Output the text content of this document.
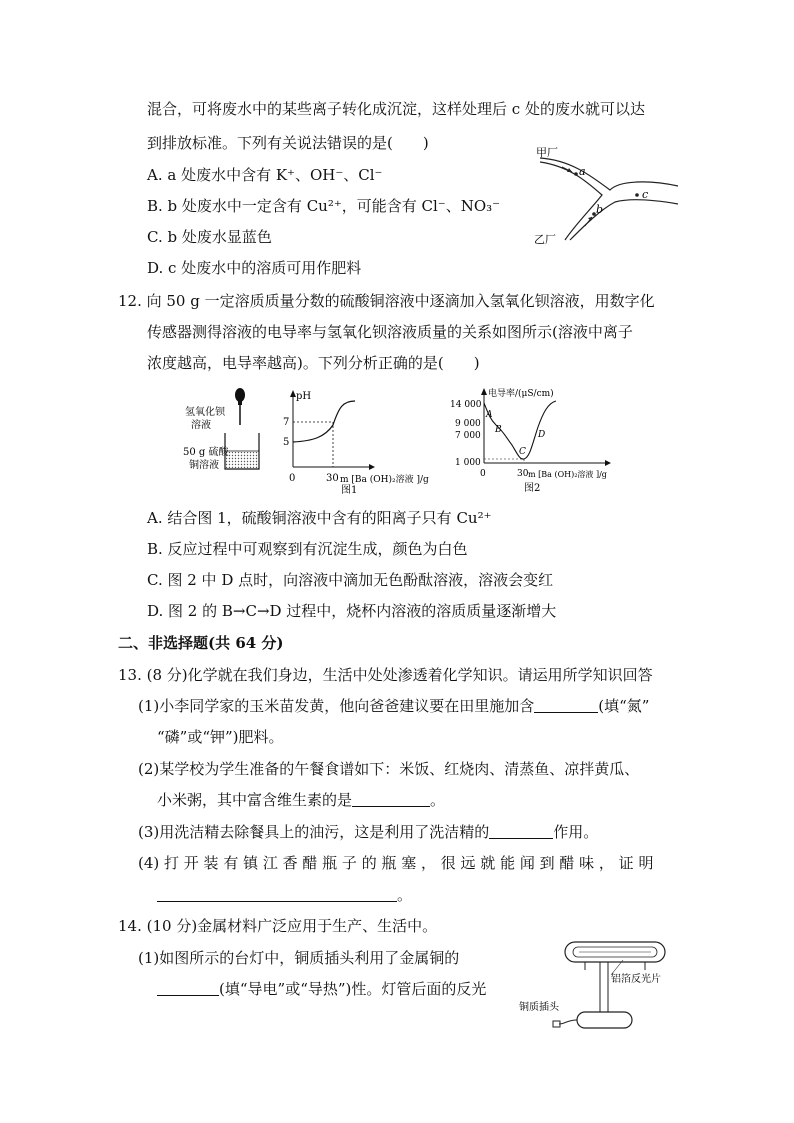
混合，可将废水中的某些离子转化成沉淀，这样处理后 c 处的废水就可以达
到排放标准。下列有关说法错误的是(　　)
A. a 处废水中含有 K⁺、OH⁻、Cl⁻
B. b 处废水中一定含有 Cu²⁺，可能含有 Cl⁻、NO₃⁻
C. b 处废水显蓝色
D. c 处废水中的溶质可用作肥料
甲厂
乙厂
a
b
c
12. 向 50 g 一定溶质质量分数的硫酸铜溶液中逐滴加入氢氧化钡溶液，用数字化
传感器测得溶液的电导率与氢氧化钡溶液质量的关系如图所示(溶液中离子
浓度越高，电导率越高)。下列分析正确的是(　　)
氢氧化钡
溶液
50 g 硫酸
铜溶液
pH
7
5
0	30 m [Ba (OH)₂溶液 ]/g
图1
电导率/(μS/cm)
14 000
9 000
7 000
1 000
0	30 m [Ba (OH)₂溶液 ]/g
A
B
C
D
图2
A. 结合图 1，硫酸铜溶液中含有的阳离子只有 Cu²⁺
B. 反应过程中可观察到有沉淀生成，颜色为白色
C. 图 2 中 D 点时，向溶液中滴加无色酚酞溶液，溶液会变红
D. 图 2 的 B→C→D 过程中，烧杯内溶液的溶质质量逐渐增大
二、非选择题(共 64 分)
13. (8 分)化学就在我们身边，生活中处处渗透着化学知识。请运用所学知识回答
(1)小李同学家的玉米苗发黄，他向爸爸建议要在田里施加含	(填“氮”
“磷”或“钾”)肥料。
(2)某学校为学生准备的午餐食谱如下：米饭、红烧肉、清蒸鱼、凉拌黄瓜、
小米粥，其中富含维生素的是	。
(3)用洗洁精去除餐具上的油污，这是利用了洗洁精的	作用。
(4) 打 开 装 有 镇 江 香 醋 瓶 子 的 瓶 塞 ， 很 远 就 能 闻 到 醋 味 ， 证 明
。
14. (10 分)金属材料广泛应用于生产、生活中。
(1)如图所示的台灯中，铜质插头利用了金属铜的
(填“导电”或“导热”)性。灯管后面的反光
铝箔反光片
铜质插头
